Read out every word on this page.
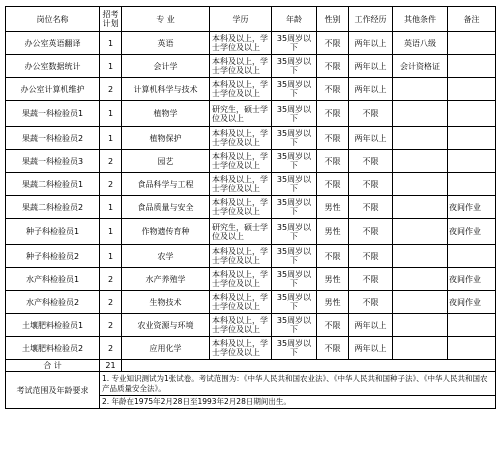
岗位名称	招考计划	专 业	学历	年龄	性别	工作经历	其他条件	备注
办公室英语翻译	1	英语	本科及以上，学士学位及以上	35周岁以下	不限	两年以上	英语八级	
办公室数据统计	1	会计学	本科及以上，学士学位及以上	35周岁以下	不限	两年以上	会计资格证	
办公室计算机维护	2	计算机科学与技术	本科及以上，学士学位及以上	35周岁以下	不限	两年以上		
果蔬一科检验员1	1	植物学	研究生，硕士学位及以上	35周岁以下	不限	不限		
果蔬一科检验员2	1	植物保护	本科及以上，学士学位及以上	35周岁以下	不限	两年以上		
果蔬一科检验员3	2	园艺	本科及以上，学士学位及以上	35周岁以下	不限	不限		
果蔬二科检验员1	2	食品科学与工程	本科及以上，学士学位及以上	35周岁以下	不限	不限		
果蔬二科检验员2	1	食品质量与安全	本科及以上，学士学位及以上	35周岁以下	男性	不限		夜间作业
种子科检验员1	1	作物遗传育种	研究生，硕士学位及以上	35周岁以下	男性	不限		夜间作业
种子科检验员2	1	农学	本科及以上，学士学位及以上	35周岁以下	不限	不限		
水产科检验员1	2	水产养殖学	本科及以上，学士学位及以上	35周岁以下	男性	不限		夜间作业
水产科检验员2	2	生物技术	本科及以上，学士学位及以上	35周岁以下	男性	不限		夜间作业
土壤肥料检验员1	2	农业资源与环境	本科及以上，学士学位及以上	35周岁以下	不限	两年以上		
土壤肥料检验员2	2	应用化学	本科及以上，学士学位及以上	35周岁以下	不限	两年以上		
合 计	21							
考试范围及年龄要求	1. 专业知识测试为1张试卷。考试范围为：《中华人民共和国农业法》、《中华人民共和国种子法》、《中华人民共和国农产品质量安全法》。
2. 年龄在1975年2月28日至1993年2月28日期间出生。							
